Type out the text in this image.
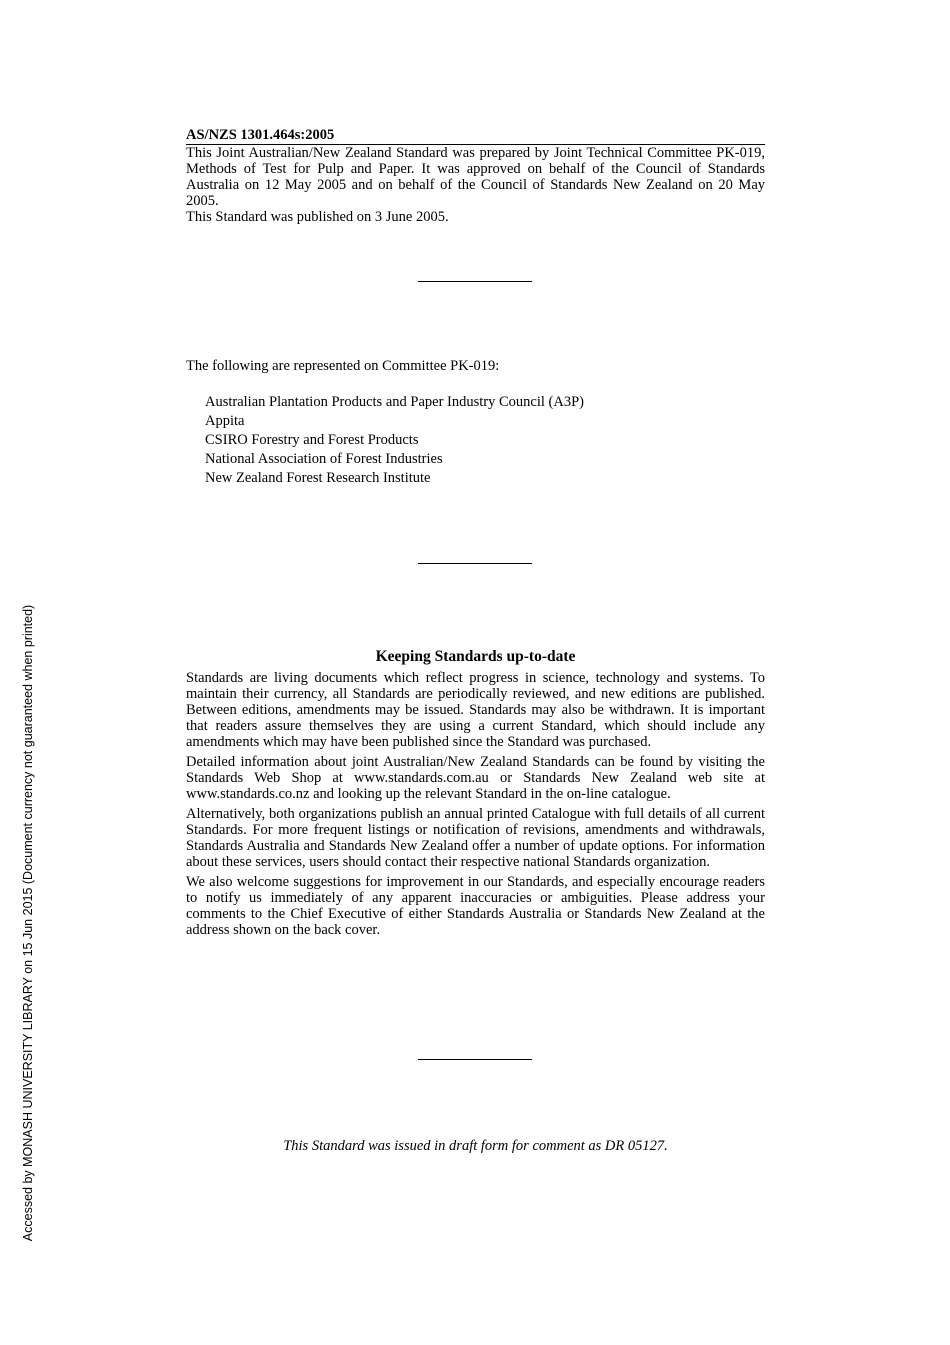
AS/NZS 1301.464s:2005

This Joint Australian/New Zealand Standard was prepared by Joint Technical Committee PK-019, Methods of Test for Pulp and Paper. It was approved on behalf of the Council of Standards Australia on 12 May 2005 and on behalf of the Council of Standards New Zealand on 20 May 2005.

This Standard was published on 3 June 2005.

The following are represented on Committee PK-019:
Australian Plantation Products and Paper Industry Council (A3P)
Appita
CSIRO Forestry and Forest Products
National Association of Forest Industries
New Zealand Forest Research Institute
Keeping Standards up-to-date

Standards are living documents which reflect progress in science, technology and systems. To maintain their currency, all Standards are periodically reviewed, and new editions are published. Between editions, amendments may be issued. Standards may also be withdrawn. It is important that readers assure themselves they are using a current Standard, which should include any amendments which may have been published since the Standard was purchased.

Detailed information about joint Australian/New Zealand Standards can be found by visiting the Standards Web Shop at www.standards.com.au or Standards New Zealand web site at www.standards.co.nz and looking up the relevant Standard in the on-line catalogue.

Alternatively, both organizations publish an annual printed Catalogue with full details of all current Standards. For more frequent listings or notification of revisions, amendments and withdrawals, Standards Australia and Standards New Zealand offer a number of update options. For information about these services, users should contact their respective national Standards organization.

We also welcome suggestions for improvement in our Standards, and especially encourage readers to notify us immediately of any apparent inaccuracies or ambiguities. Please address your comments to the Chief Executive of either Standards Australia or Standards New Zealand at the address shown on the back cover.

This Standard was issued in draft form for comment as DR 05127.
Accessed by MONASH UNIVERSITY LIBRARY on 15 Jun 2015 (Document currency not guaranteed when printed)
